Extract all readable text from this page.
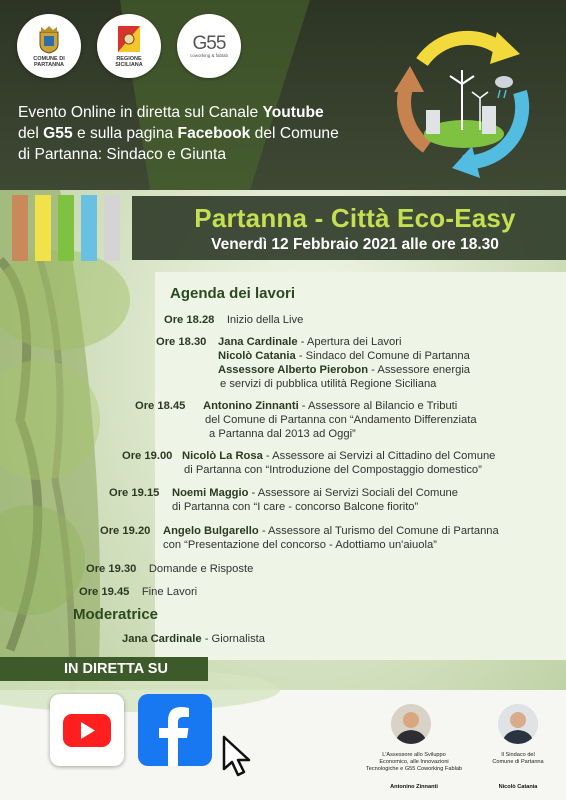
COMUNE DI PARTANNA
REGIONE SICILIANA
G55
coworking & fablab
Evento Online in diretta sul Canale Youtube
del G55 e sulla pagina Facebook del Comune
di Partanna: Sindaco e Giunta
Partanna - Città Eco-Easy
Venerdì 12 Febbraio 2021 alle ore 18.30
Agenda dei lavori
Ore 18.28 Inizio della Live
Ore 18.30 Jana Cardinale - Apertura dei Lavori
Nicolò Catania - Sindaco del Comune di Partanna
Assessore Alberto Pierobon - Assessore energia
e servizi di pubblica utilità Regione Siciliana
Ore 18.45 Antonino Zinnanti - Assessore al Bilancio e Tributi
del Comune di Partanna con “Andamento Differenziata
a Partanna dal 2013 ad Oggi”
Ore 19.00 Nicolò La Rosa - Assessore ai Servizi al Cittadino del Comune
di Partanna con “Introduzione del Compostaggio domestico”
Ore 19.15 Noemi Maggio - Assessore ai Servizi Sociali del Comune
di Partanna con “I care - concorso Balcone fiorito”
Ore 19.20 Angelo Bulgarello - Assessore al Turismo del Comune di Partanna
con “Presentazione del concorso - Adottiamo un'aiuola”
Ore 19.30 Domande e Risposte
Ore 19.45 Fine Lavori
Moderatrice
Jana Cardinale - Giornalista
IN DIRETTA SU
L'Assessore allo Sviluppo
Economico, alle Innovazioni
Tecnologiche e G55 Coworking Fablab
Antonino Zinnanti
Il Sindaco del
Comune di Partanna
Nicolò Catania
